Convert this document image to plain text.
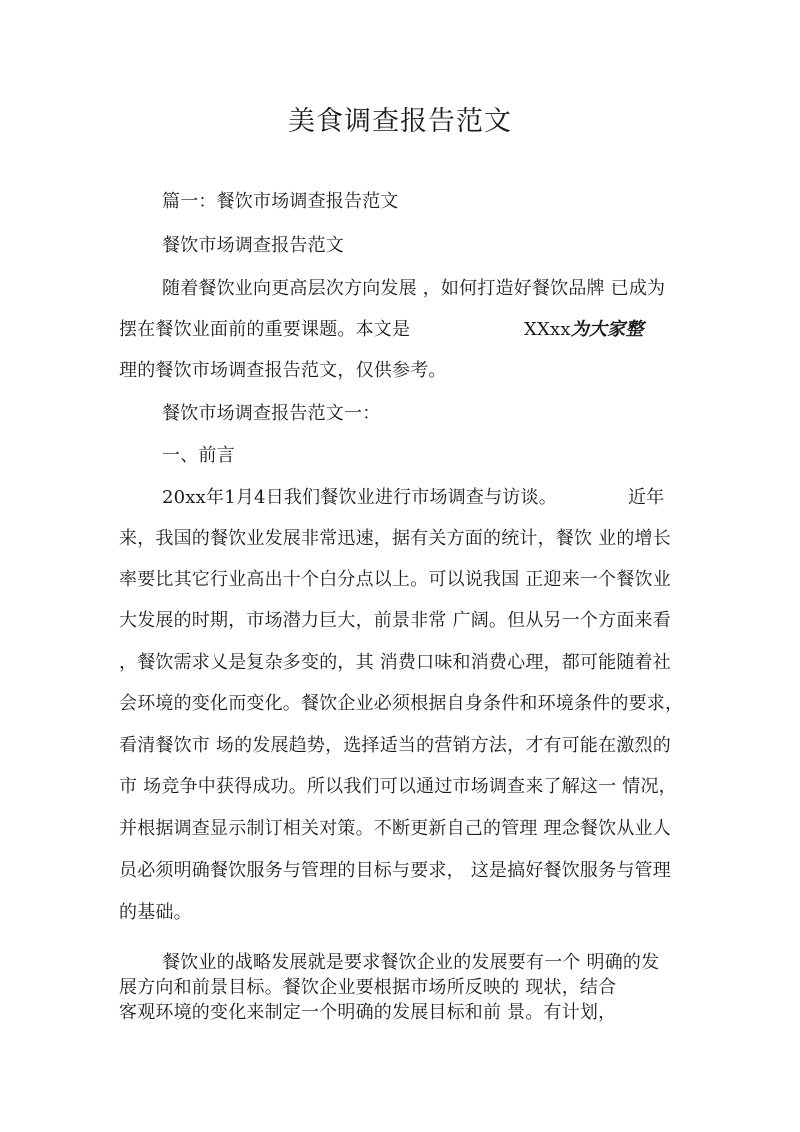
美食调查报告范文
篇一：餐饮市场调查报告范文
餐饮市场调查报告范文
随着餐饮业向更高层次方向发展 ，如何打造好餐饮品牌 已成为
摆在餐饮业面前的重要课题。本文是	XXxx为大家整
理的餐饮市场调查报告范文，仅供参考。
餐饮市场调查报告范文一：
一、前言
20xx年1月4日我们餐饮业进行市场调查与访谈。	近年
来，我国的餐饮业发展非常迅速，据有关方面的统计，餐饮 业的增长
率要比其它行业高出十个白分点以上。可以说我国 正迎来一个餐饮业
大发展的时期，市场潜力巨大，前景非常 广阔。但从另一个方面来看
，餐饮需求乂是复杂多变的，其 消费口味和消费心理，都可能随着社
会环境的变化而变化。餐饮企业必须根据自身条件和环境条件的要求，
看清餐饮市 场的发展趋势，选择适当的营销方法，才有可能在激烈的
市 场竞争中获得成功。所以我们可以通过市场调查来了解这一 情况，
并根据调查显示制订相关对策。不断更新自己的管理 理念餐饮从业人
员必须明确餐饮服务与管理的目标与要求， 这是搞好餐饮服务与管理
的基础。
餐饮业的战略发展就是要求餐饮企业的发展要有一个 明确的发
展方向和前景目标。餐饮企业要根据市场所反映的 现状，结合
客观环境的变化来制定一个明确的发展目标和前 景。有计划，
